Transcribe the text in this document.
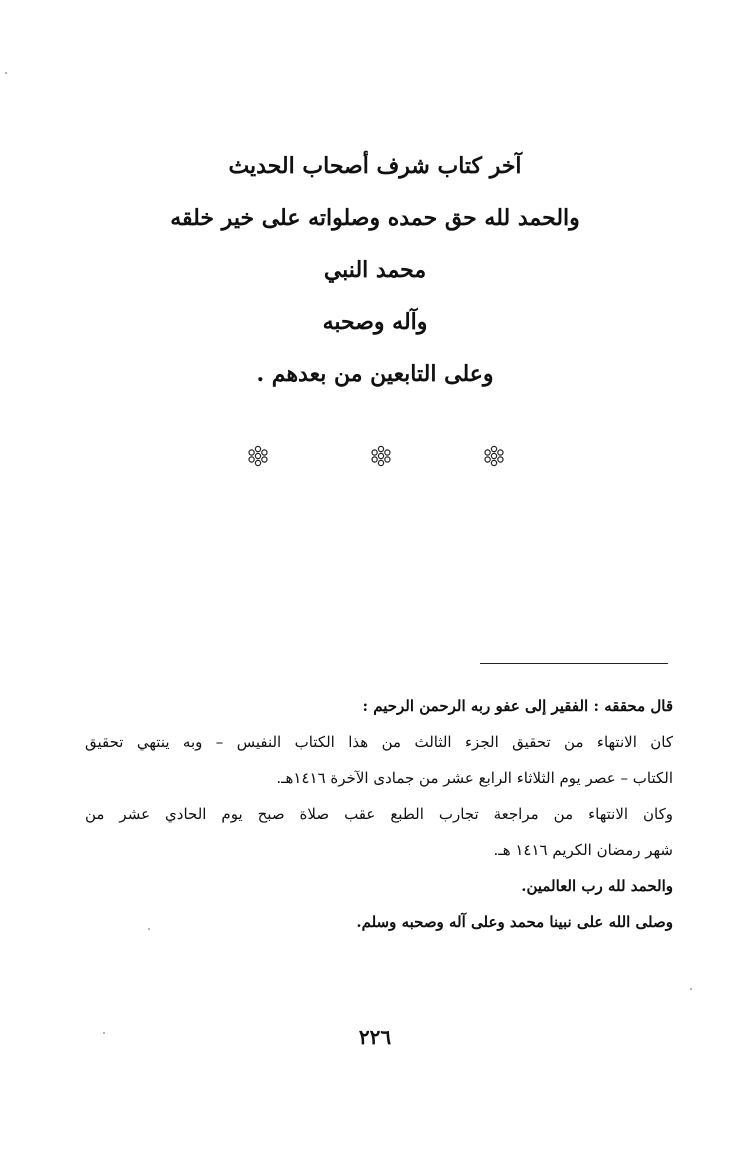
آخر كتاب شرف أصحاب الحديث
والحمد لله حق حمده وصلواته على خير خلقه
محمد النبي
وآله وصحبه
وعلى التابعين من بعدهم .
قال محققه : الفقير إلى عفو ربه الرحمن الرحيم :
كان الانتهاء من تحقيق الجزء الثالث من هذا الكتاب النفيس – وبه ينتهي تحقيق
الكتاب – عصر يوم الثلاثاء الرابع عشر من جمادى الآخرة ١٤١٦هـ.
وكان الانتهاء من مراجعة تجارب الطبع عقب صلاة صبح يوم الحادي عشر من
شهر رمضان الكريم ١٤١٦ هـ.
والحمد لله رب العالمين.
وصلى الله على نبينا محمد وعلى آله وصحبه وسلم.
٢٢٦
